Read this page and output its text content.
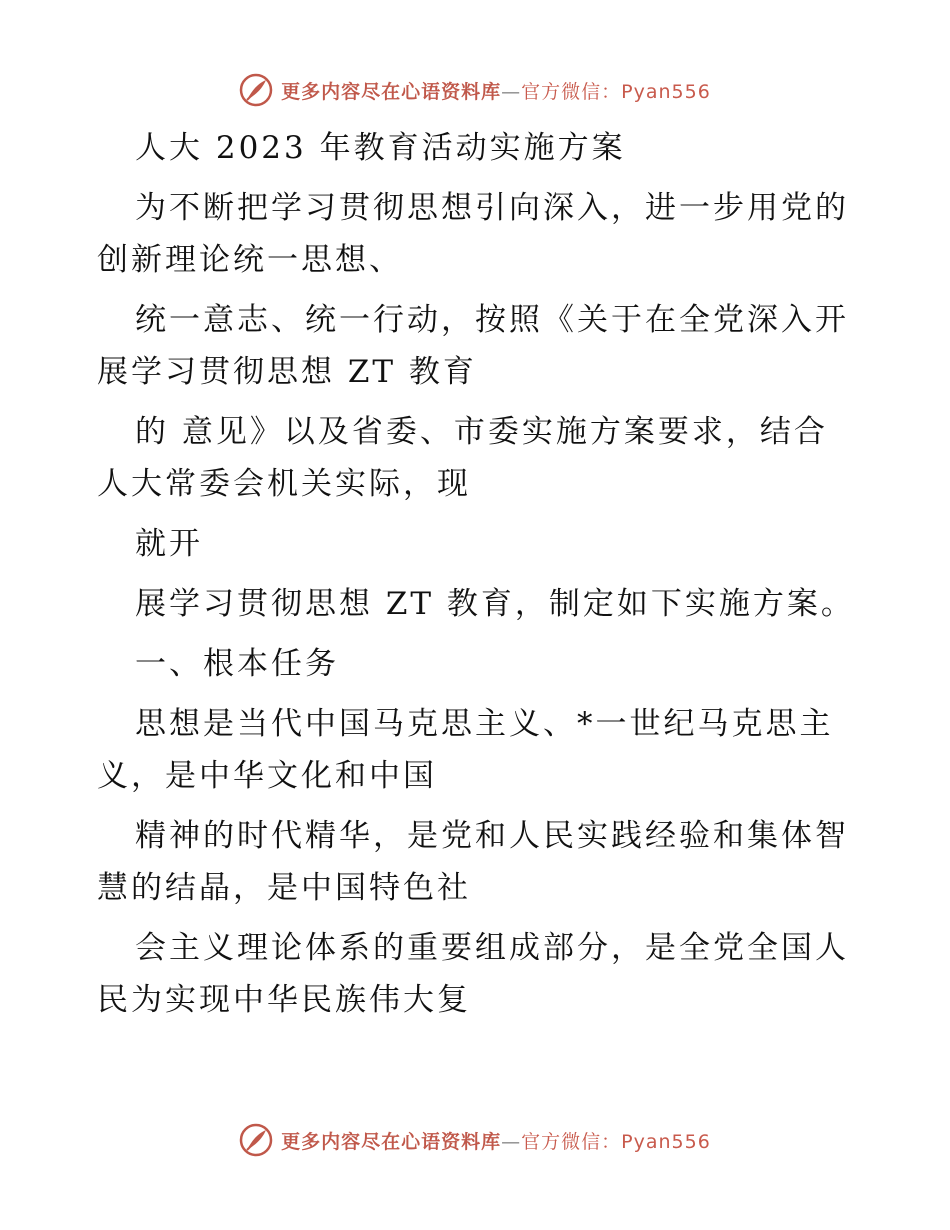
更多内容尽在心语资料库—官方微信：Pyan556

人大 2023 年教育活动实施方案

为不断把学习贯彻思想引向深入，进一步用党的

创新理论统一思想、

统一意志、统一行动，按照《关于在全党深入开

展学习贯彻思想 ZT 教育

的 意见》以及省委、市委实施方案要求，结合

人大常委会机关实际，现

就开

展学习贯彻思想 ZT 教育，制定如下实施方案。

一、根本任务

思想是当代中国马克思主义、*一世纪马克思主

义，是中华文化和中国

精神的时代精华，是党和人民实践经验和集体智

慧的结晶，是中国特色社

会主义理论体系的重要组成部分，是全党全国人

民为实现中华民族伟大复

更多内容尽在心语资料库—官方微信：Pyan556
